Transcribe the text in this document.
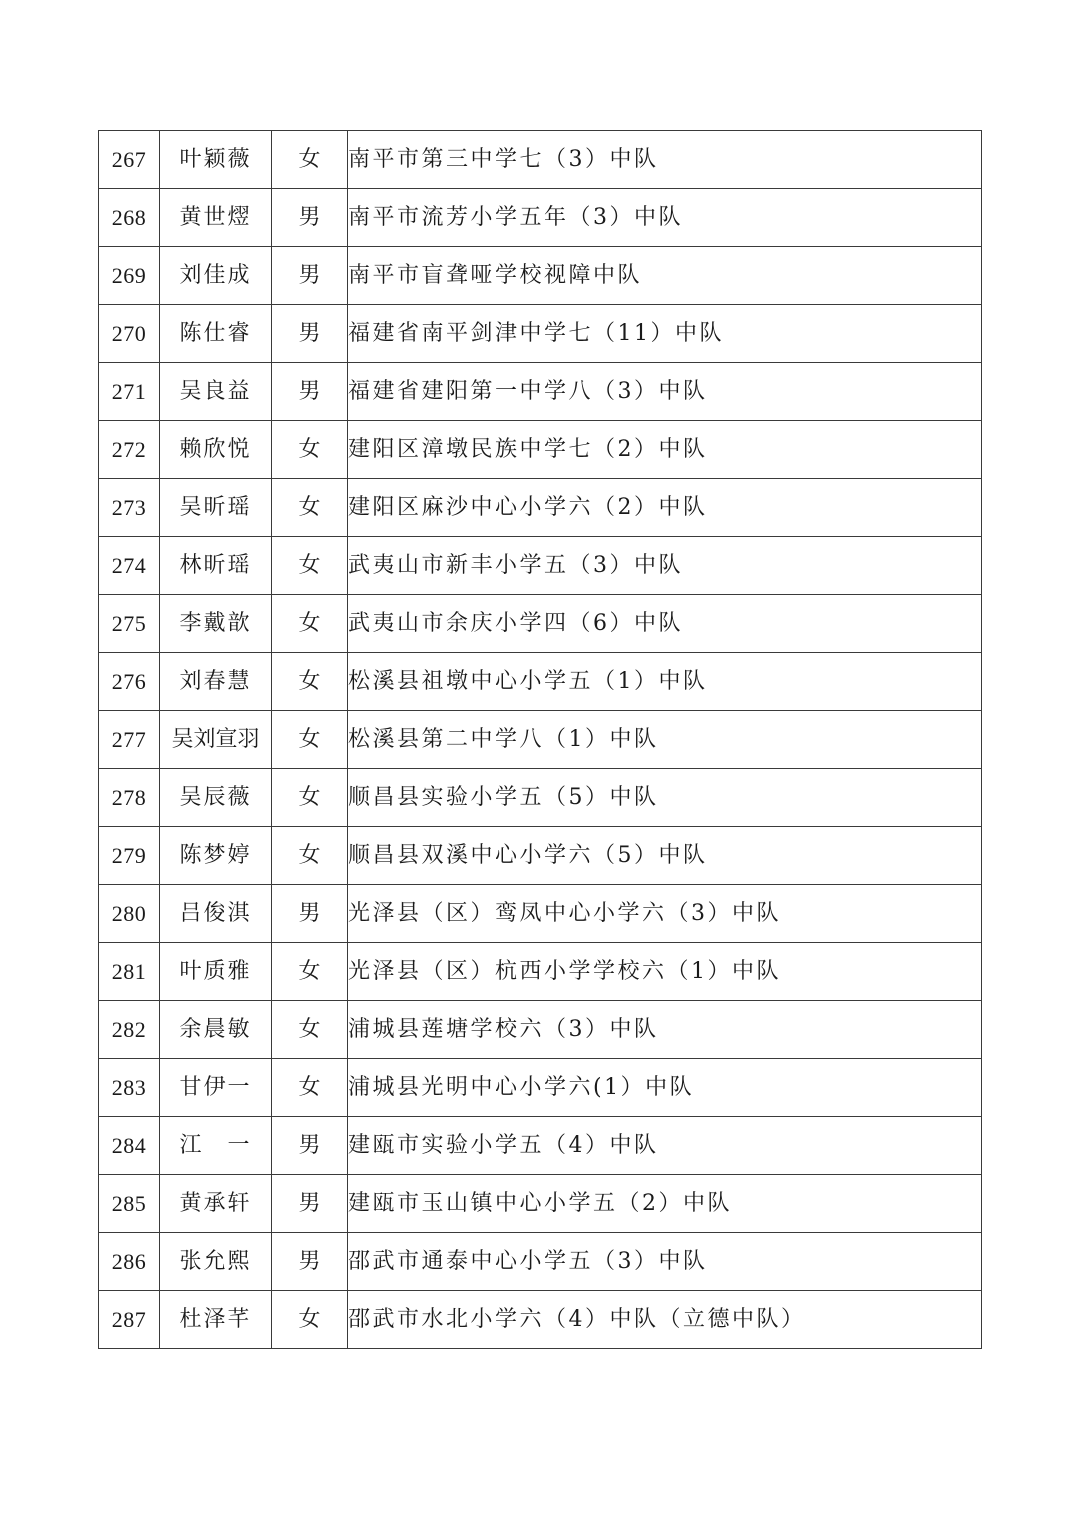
267	叶颖薇	女	南平市第三中学七（3）中队
268	黄世熤	男	南平市流芳小学五年（3）中队
269	刘佳成	男	南平市盲聋哑学校视障中队
270	陈仕睿	男	福建省南平剑津中学七（11）中队
271	吴良益	男	福建省建阳第一中学八（3）中队
272	赖欣悦	女	建阳区漳墩民族中学七（2）中队
273	吴昕瑶	女	建阳区麻沙中心小学六（2）中队
274	林昕瑶	女	武夷山市新丰小学五（3）中队
275	李戴歆	女	武夷山市余庆小学四（6）中队
276	刘春慧	女	松溪县祖墩中心小学五（1）中队
277	吴刘宣羽	女	松溪县第二中学八（1）中队
278	吴辰薇	女	顺昌县实验小学五（5）中队
279	陈梦婷	女	顺昌县双溪中心小学六（5）中队
280	吕俊淇	男	光泽县（区）鸾凤中心小学六（3）中队
281	叶质雅	女	光泽县（区）杭西小学学校六（1）中队
282	余晨敏	女	浦城县莲塘学校六（3）中队
283	甘伊一	女	浦城县光明中心小学六(1）中队
284	江　一	男	建瓯市实验小学五（4）中队
285	黄承轩	男	建瓯市玉山镇中心小学五（2）中队
286	张允熙	男	邵武市通泰中心小学五（3）中队
287	杜泽芊	女	邵武市水北小学六（4）中队（立德中队）
